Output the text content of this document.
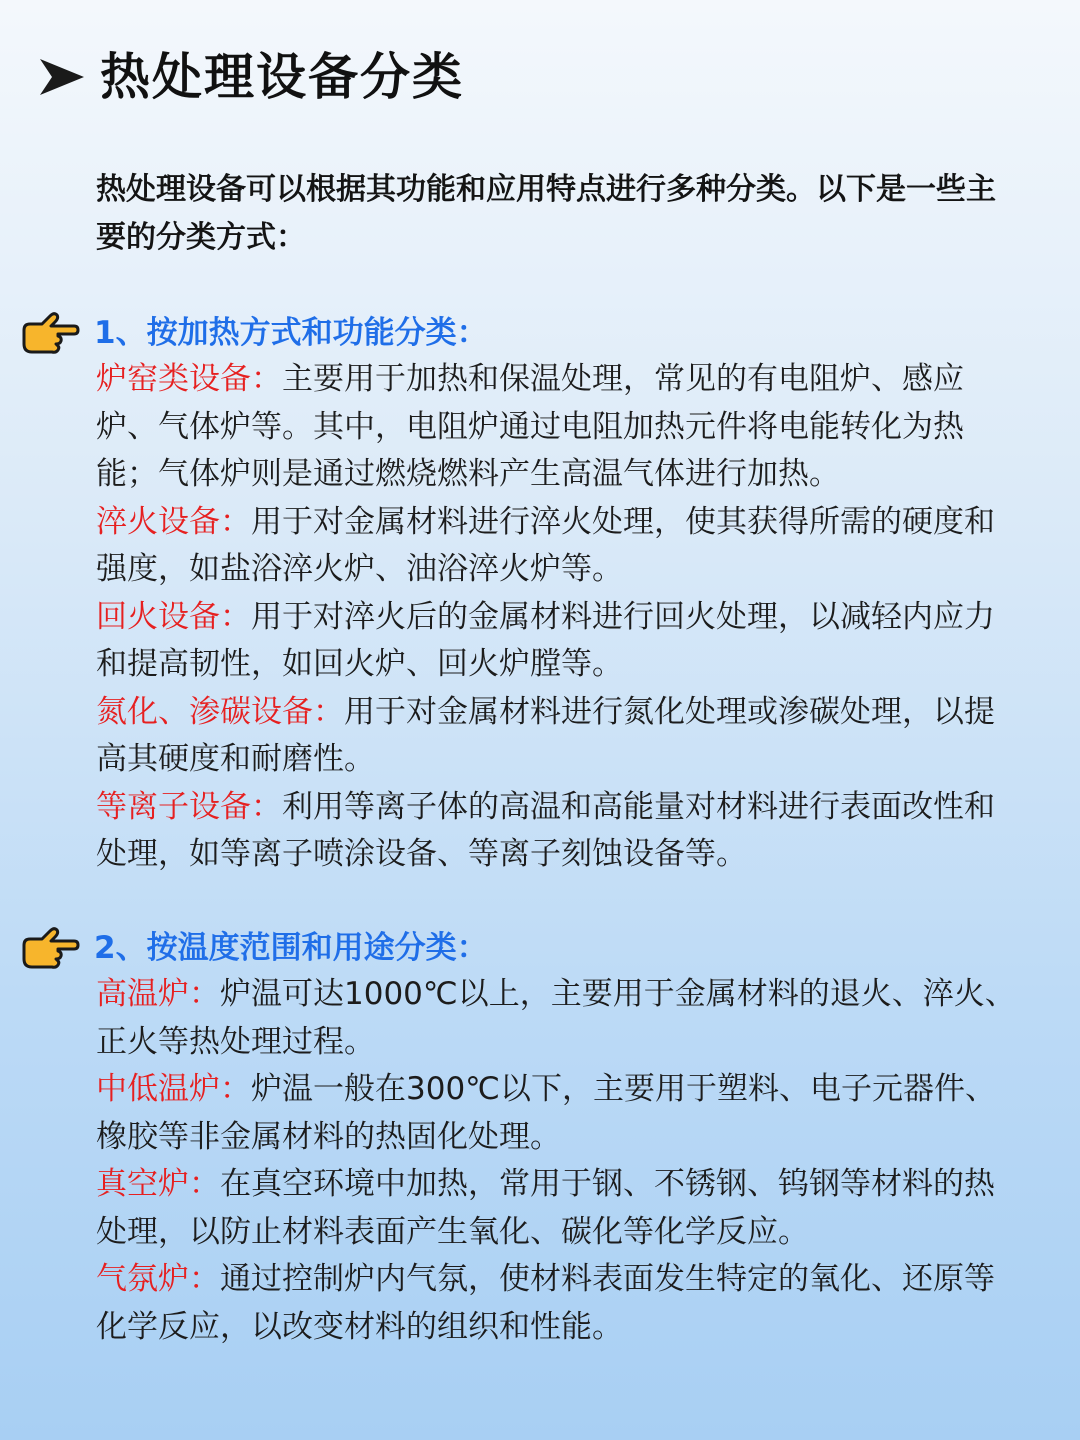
热处理设备分类

热处理设备可以根据其功能和应用特点进行多种分类。以下是一些主要的分类方式：

1、按加热方式和功能分类：

炉窑类设备：主要用于加热和保温处理，常见的有电阻炉、感应炉、气体炉等。其中，电阻炉通过电阻加热元件将电能转化为热能；气体炉则是通过燃烧燃料产生高温气体进行加热。

淬火设备：用于对金属材料进行淬火处理，使其获得所需的硬度和强度，如盐浴淬火炉、油浴淬火炉等。

回火设备：用于对淬火后的金属材料进行回火处理，以减轻内应力和提高韧性，如回火炉、回火炉膛等。

氮化、渗碳设备：用于对金属材料进行氮化处理或渗碳处理，以提高其硬度和耐磨性。

等离子设备：利用等离子体的高温和高能量对材料进行表面改性和处理，如等离子喷涂设备、等离子刻蚀设备等。

2、按温度范围和用途分类：

高温炉：炉温可达1000℃以上，主要用于金属材料的退火、淬火、正火等热处理过程。

中低温炉：炉温一般在300℃以下，主要用于塑料、电子元器件、橡胶等非金属材料的热固化处理。

真空炉：在真空环境中加热，常用于钢、不锈钢、钨钢等材料的热处理，以防止材料表面产生氧化、碳化等化学反应。

气氛炉：通过控制炉内气氛，使材料表面发生特定的氧化、还原等化学反应，以改变材料的组织和性能。
